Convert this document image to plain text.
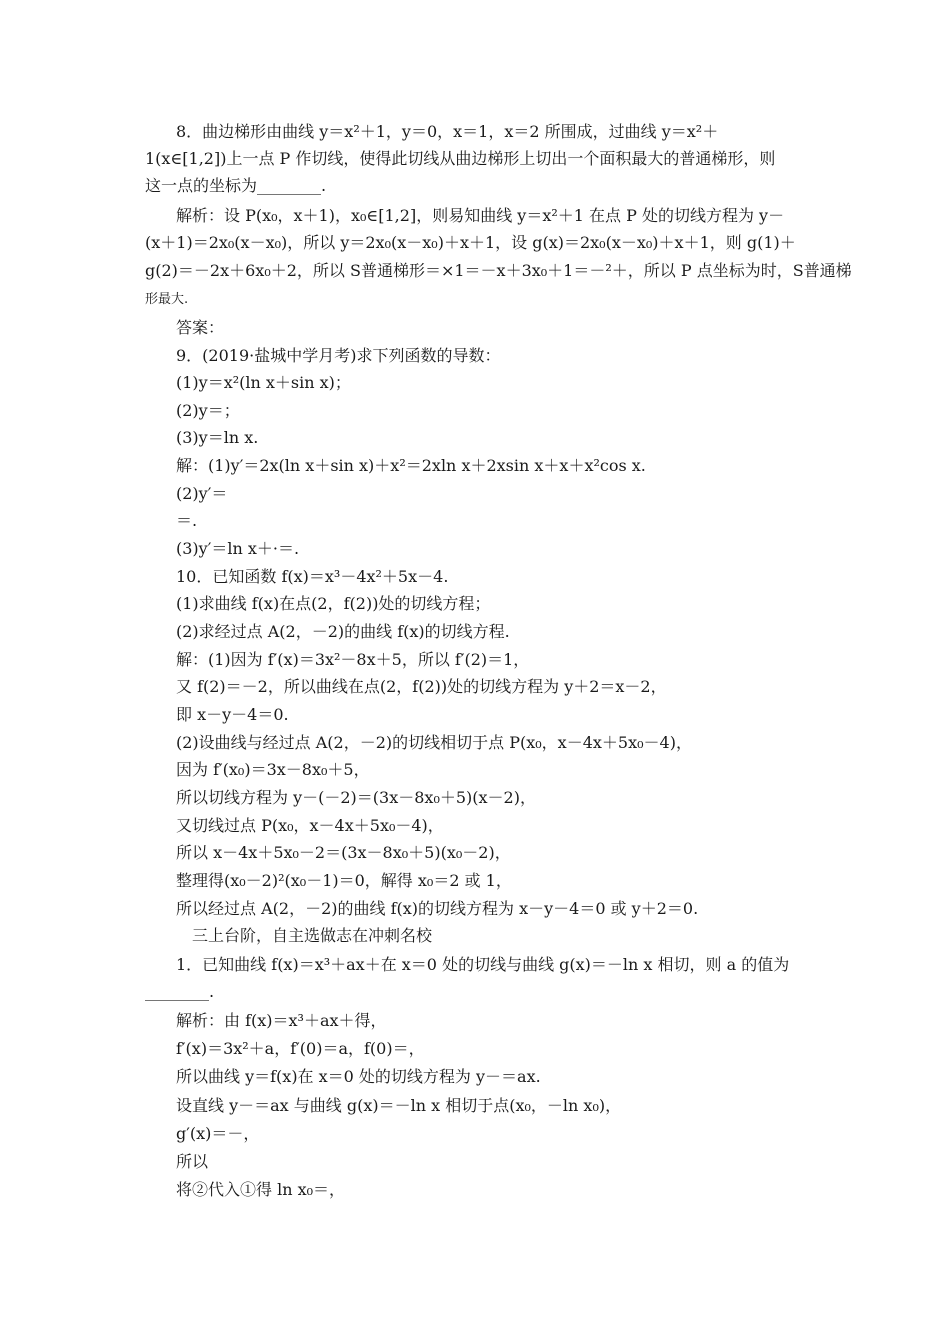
8．曲边梯形由曲线 y＝x²＋1，y＝0，x＝1，x＝2 所围成，过曲线 y＝x²＋
1(x∈[1,2])上一点 P 作切线，使得此切线从曲边梯形上切出一个面积最大的普通梯形，则
这一点的坐标为________.
解析：设 P(x₀，x＋1)，x₀∈[1,2]，则易知曲线 y＝x²＋1 在点 P 处的切线方程为 y－
(x＋1)＝2x₀(x－x₀)，所以 y＝2x₀(x－x₀)＋x＋1，设 g(x)＝2x₀(x－x₀)＋x＋1，则 g(1)＋
g(2)＝－2x＋6x₀＋2，所以 S普通梯形＝×1＝－x＋3x₀＋1＝－²＋，所以 P 点坐标为时，S普通梯
形最大.
答案：
9．(2019·盐城中学月考)求下列函数的导数：
(1)y＝x²(ln x＋sin x)；
(2)y＝；
(3)y＝ln x.
解：(1)y′＝2x(ln x＋sin x)＋x²＝2xln x＋2xsin x＋x＋x²cos x.
(2)y′＝
＝.
(3)y′＝ln x＋·＝.
10．已知函数 f(x)＝x³－4x²＋5x－4.
(1)求曲线 f(x)在点(2，f(2))处的切线方程；
(2)求经过点 A(2，－2)的曲线 f(x)的切线方程.
解：(1)因为 f′(x)＝3x²－8x＋5，所以 f′(2)＝1，
又 f(2)＝－2，所以曲线在点(2，f(2))处的切线方程为 y＋2＝x－2，
即 x－y－4＝0.
(2)设曲线与经过点 A(2，－2)的切线相切于点 P(x₀，x－4x＋5x₀－4)，
因为 f′(x₀)＝3x－8x₀＋5，
所以切线方程为 y－(－2)＝(3x－8x₀＋5)(x－2)，
又切线过点 P(x₀，x－4x＋5x₀－4)，
所以 x－4x＋5x₀－2＝(3x－8x₀＋5)(x₀－2)，
整理得(x₀－2)²(x₀－1)＝0，解得 x₀＝2 或 1，
所以经过点 A(2，－2)的曲线 f(x)的切线方程为 x－y－4＝0 或 y＋2＝0.
三上台阶，自主选做志在冲刺名校
1．已知曲线 f(x)＝x³＋ax＋在 x＝0 处的切线与曲线 g(x)＝－ln x 相切，则 a 的值为
________.
解析：由 f(x)＝x³＋ax＋得，
f′(x)＝3x²＋a，f′(0)＝a，f(0)＝，
所以曲线 y＝f(x)在 x＝0 处的切线方程为 y－＝ax.
设直线 y－＝ax 与曲线 g(x)＝－ln x 相切于点(x₀，－ln x₀)，
g′(x)＝－，
所以
将②代入①得 ln x₀＝，
